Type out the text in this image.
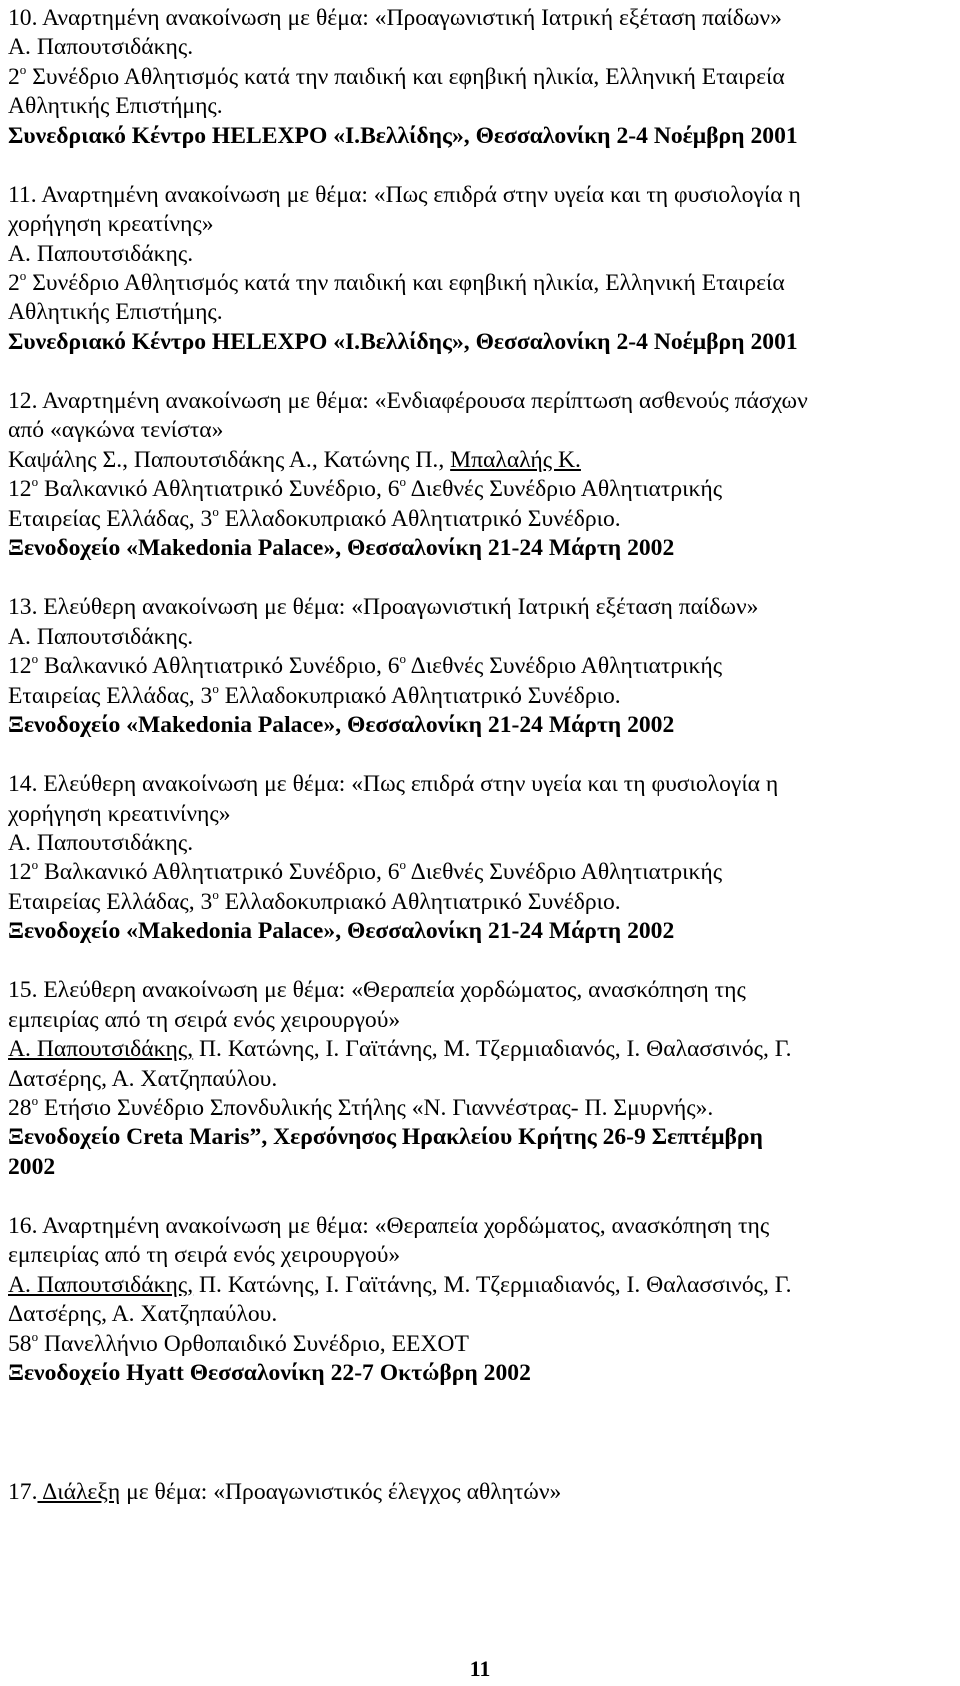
10. Αναρτημένη ανακοίνωση με θέμα: «Προαγωνιστική Ιατρική εξέταση παίδων»
Α. Παπουτσιδάκης.
$2^o$ Συνέδριο Αθλητισμός κατά την παιδική και εφηβική ηλικία, Ελληνική Εταιρεία
Αθλητικής Επιστήμης.
Συνεδριακό Κέντρο HELEXPO «Ι.Βελλίδης», Θεσσαλονίκη 2-4 Νοέμβρη 2001
11. Αναρτημένη ανακοίνωση με θέμα: «Πως επιδρά στην υγεία και τη φυσιολογία η
χορήγηση κρεατίνης»
Α. Παπουτσιδάκης.
$2^o$ Συνέδριο Αθλητισμός κατά την παιδική και εφηβική ηλικία, Ελληνική Εταιρεία
Αθλητικής Επιστήμης.
Συνεδριακό Κέντρο HELEXPO «Ι.Βελλίδης», Θεσσαλονίκη 2-4 Νοέμβρη 2001
12. Αναρτημένη ανακοίνωση με θέμα: «Ενδιαφέρουσα περίπτωση ασθενούς πάσχων
από «αγκώνα τενίστα»
Καψάλης Σ., Παπουτσιδάκης Α., Κατώνης Π., Μπαλαλής Κ.
$12^o$ Βαλκανικό Αθλητιατρικό Συνέδριο, $6^o$ Διεθνές Συνέδριο Αθλητιατρικής
Εταιρείας Ελλάδας, $3^o$ Ελλαδοκυπριακό Αθλητιατρικό Συνέδριο.
Ξενοδοχείο «Makedonia Palace», Θεσσαλονίκη 21-24 Μάρτη 2002
13. Ελεύθερη ανακοίνωση με θέμα: «Προαγωνιστική Ιατρική εξέταση παίδων»
Α. Παπουτσιδάκης.
$12^o$ Βαλκανικό Αθλητιατρικό Συνέδριο, $6^o$ Διεθνές Συνέδριο Αθλητιατρικής
Εταιρείας Ελλάδας, $3^o$ Ελλαδοκυπριακό Αθλητιατρικό Συνέδριο.
Ξενοδοχείο «Makedonia Palace», Θεσσαλονίκη 21-24 Μάρτη 2002
14. Ελεύθερη ανακοίνωση με θέμα: «Πως επιδρά στην υγεία και τη φυσιολογία η
χορήγηση κρεατινίνης»
Α. Παπουτσιδάκης.
$12^o$ Βαλκανικό Αθλητιατρικό Συνέδριο, $6^o$ Διεθνές Συνέδριο Αθλητιατρικής
Εταιρείας Ελλάδας, $3^o$ Ελλαδοκυπριακό Αθλητιατρικό Συνέδριο.
Ξενοδοχείο «Makedonia Palace», Θεσσαλονίκη 21-24 Μάρτη 2002
15. Ελεύθερη ανακοίνωση με θέμα: «Θεραπεία χορδώματος, ανασκόπηση της
εμπειρίας από τη σειρά ενός χειρουργού»
Α. Παπουτσιδάκης, Π. Κατώνης, Ι. Γαϊτάνης, Μ. Τζερμιαδιανός, Ι. Θαλασσινός, Γ.
Δατσέρης, Α. Χατζηπαύλου.
$28^o$ Ετήσιο Συνέδριο Σπονδυλικής Στήλης «Ν. Γιαννέστρας- Π. Σμυρνής».
Ξενοδοχείο Creta Maris”, Χερσόνησος Ηρακλείου Κρήτης 26-9 Σεπτέμβρη
2002
16. Αναρτημένη ανακοίνωση με θέμα: «Θεραπεία χορδώματος, ανασκόπηση της
εμπειρίας από τη σειρά ενός χειρουργού»
Α. Παπουτσιδάκης, Π. Κατώνης, Ι. Γαϊτάνης, Μ. Τζερμιαδιανός, Ι. Θαλασσινός, Γ.
Δατσέρης, Α. Χατζηπαύλου.
$58^o$ Πανελλήνιο Ορθοπαιδικό Συνέδριο, ΕΕΧΟΤ
Ξενοδοχείο Hyatt Θεσσαλονίκη 22-7 Οκτώβρη 2002
17. Διάλεξη με θέμα: «Προαγωνιστικός έλεγχος αθλητών»
11
